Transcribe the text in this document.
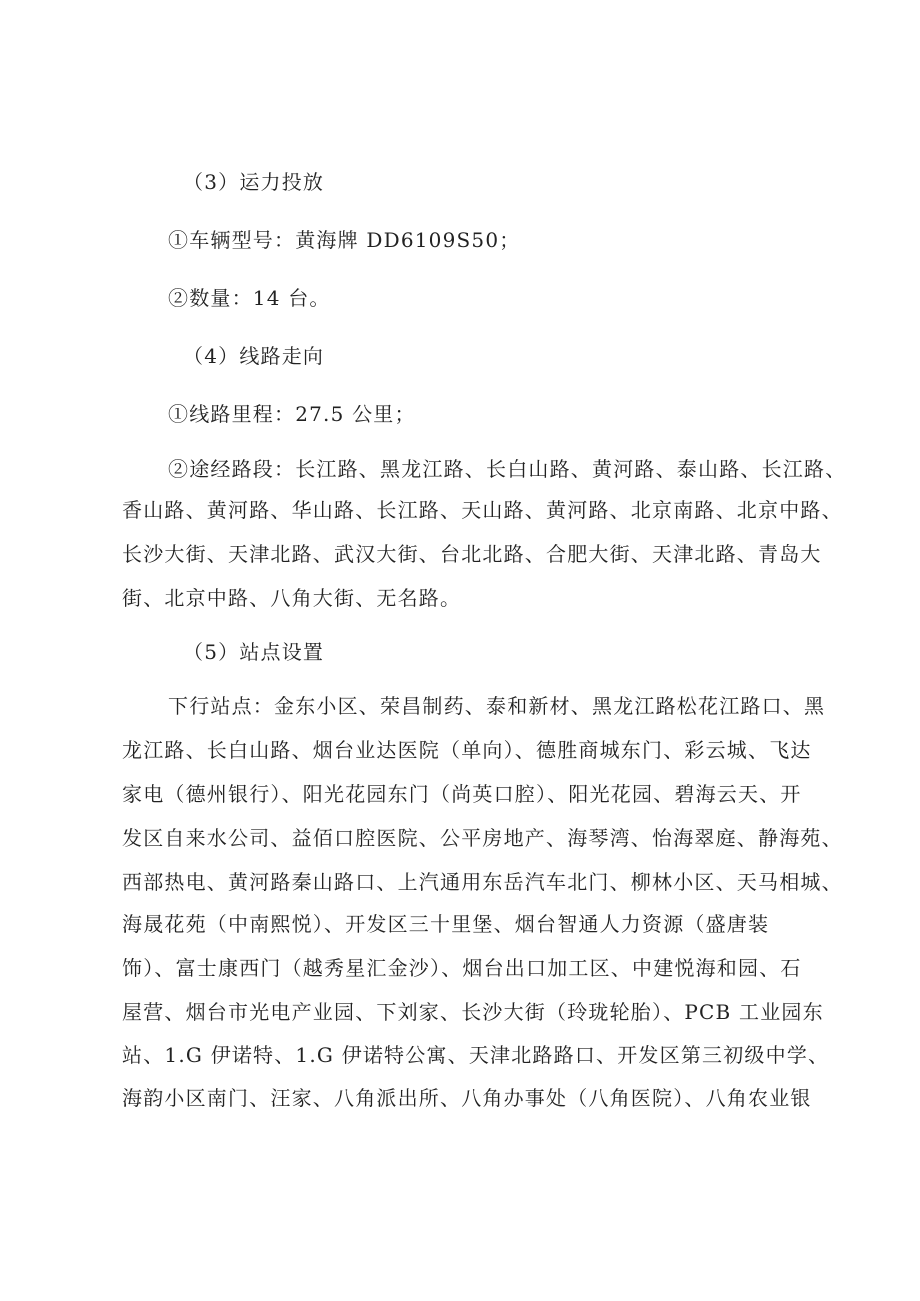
（3）运力投放
①车辆型号：黄海牌 DD6109S50；
②数量：14 台。
（4）线路走向
①线路里程：27.5 公里；
②途经路段：长江路、黑龙江路、长白山路、黄河路、泰山路、长江路、
香山路、黄河路、华山路、长江路、天山路、黄河路、北京南路、北京中路、
长沙大街、天津北路、武汉大街、台北北路、合肥大街、天津北路、青岛大
街、北京中路、八角大街、无名路。
（5）站点设置
下行站点：金东小区、荣昌制药、泰和新材、黑龙江路松花江路口、黑
龙江路、长白山路、烟台业达医院（单向）、德胜商城东门、彩云城、飞达
家电（德州银行）、阳光花园东门（尚英口腔）、阳光花园、碧海云天、开
发区自来水公司、益佰口腔医院、公平房地产、海琴湾、怡海翠庭、静海苑、
西部热电、黄河路秦山路口、上汽通用东岳汽车北门、柳林小区、天马相城、
海晟花苑（中南熙悦）、开发区三十里堡、烟台智通人力资源（盛唐装
饰）、富士康西门（越秀星汇金沙）、烟台出口加工区、中建悦海和园、石
屋营、烟台市光电产业园、下刘家、长沙大街（玲珑轮胎）、PCB 工业园东
站、1.G 伊诺特、1.G 伊诺特公寓、天津北路路口、开发区第三初级中学、
海韵小区南门、汪家、八角派出所、八角办事处（八角医院）、八角农业银
